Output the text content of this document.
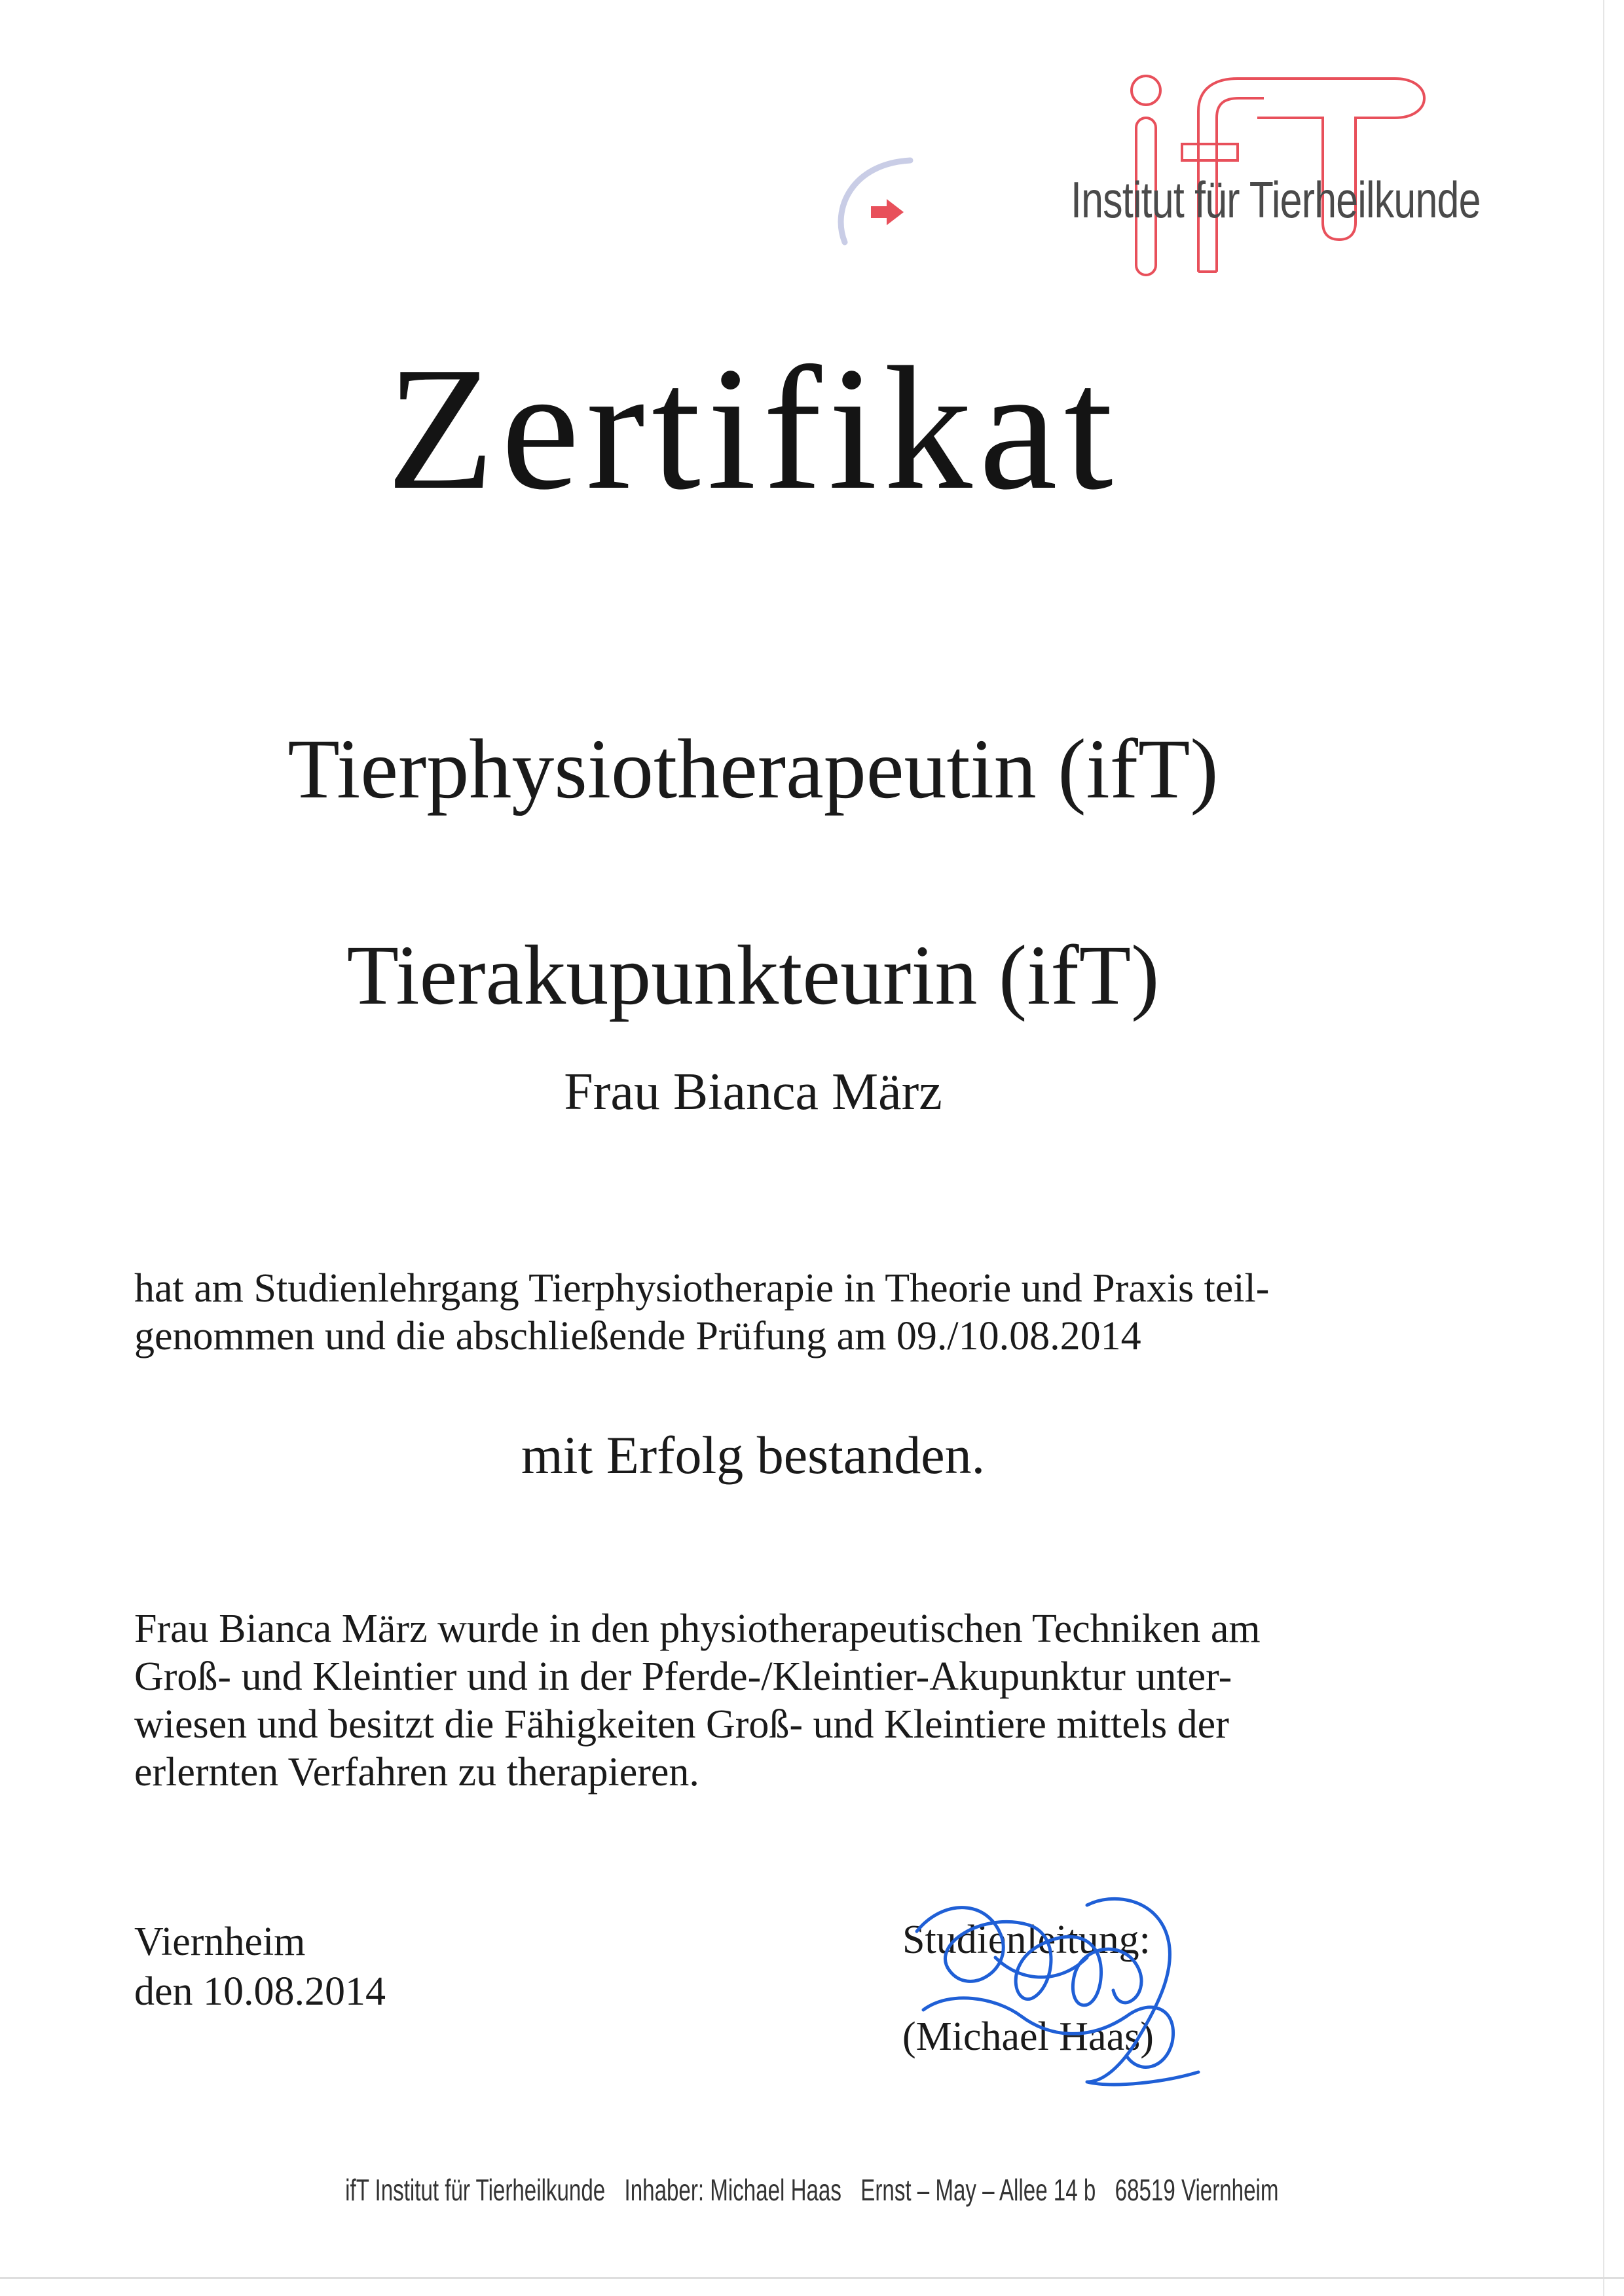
Institut für Tierheilkunde
Zertifikat
Tierphysiotherapeutin (ifT)
Tierakupunkteurin (ifT)
Frau Bianca März
hat am Studienlehrgang Tierphysiotherapie in Theorie und Praxis teil-
genommen und die abschließende Prüfung am 09./10.08.2014
mit Erfolg bestanden.
Frau Bianca März wurde in den physiotherapeutischen Techniken am
Groß- und Kleintier und in der Pferde-/Kleintier-Akupunktur unter-
wiesen und besitzt die Fähigkeiten Groß- und Kleintiere mittels der
erlernten Verfahren zu therapieren.
Viernheim
den 10.08.2014
Studienleitung:
(Michael Haas)
ifT Institut für Tierheilkunde Inhaber: Michael Haas Ernst – May – Allee 14 b 68519 Viernheim
